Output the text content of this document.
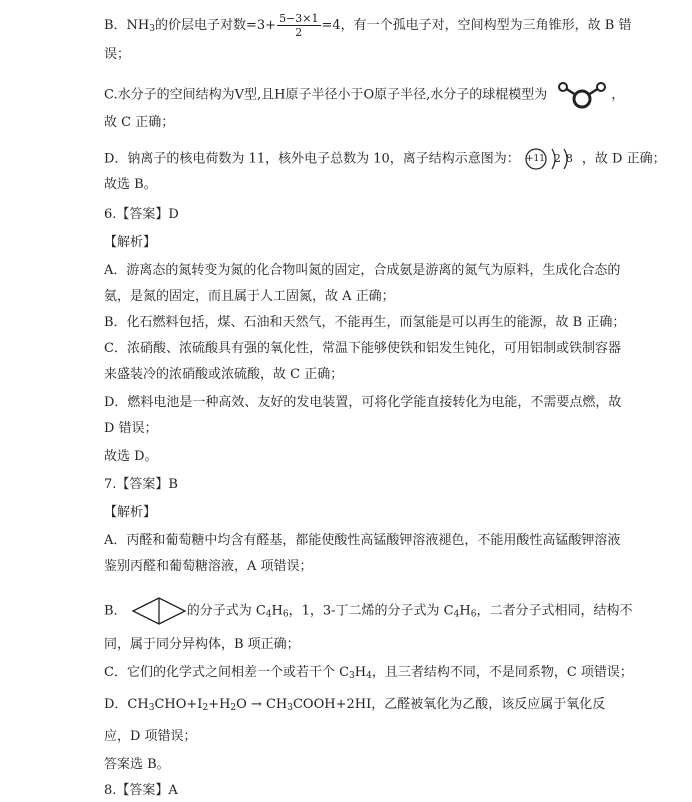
B．$NH_3$的价层电子对数$=3+ \frac{5-3\times 1}{2} =4$，有一个孤电子对，空间构型为三角锥形，故 B 错
误；
C.水分子的空间结构为V型,且H原子半径小于O原子半径,水分子的球棍模型为	，
故 C 正确；
D．钠离子的核电荷数为 11，核外电子总数为 10，离子结构示意图为： +11 2 8 ，故 D 正确；
故选 B。
6.【答案】D
【解析】
A．游离态的氮转变为氮的化合物叫氮的固定，合成氨是游离的氮气为原料，生成化合态的
氨，是氮的固定，而且属于人工固氮，故 A 正确；
B．化石燃料包括，煤、石油和天然气，不能再生，而氢能是可以再生的能源，故 B 正确；
C．浓硝酸、浓硫酸具有强的氧化性，常温下能够使铁和铝发生钝化，可用铝制或铁制容器
来盛装冷的浓硝酸或浓硫酸，故 C 正确；
D．燃料电池是一种高效、友好的发电装置，可将化学能直接转化为电能，不需要点燃，故
D 错误；
故选 D。
7.【答案】B
【解析】
A．丙醛和葡萄糖中均含有醛基，都能使酸性高锰酸钾溶液褪色，不能用酸性高锰酸钾溶液
鉴别丙醛和葡萄糖溶液，A 项错误；
B．	的分子式为 $C_4H_6$，1，3-丁二烯的分子式为 $C_4H_6$，二者分子式相同，结构不
同，属于同分异构体，B 项正确；
C．它们的化学式之间相差一个或若干个 $C_3H_4$，且三者结构不同，不是同系物，C 项错误；
D．$CH_3CHO+I_2+H_2O$ → $CH_3COOH+2HI$，乙醛被氧化为乙酸，该反应属于氧化反
应，D 项错误；
答案选 B。
8.【答案】A
